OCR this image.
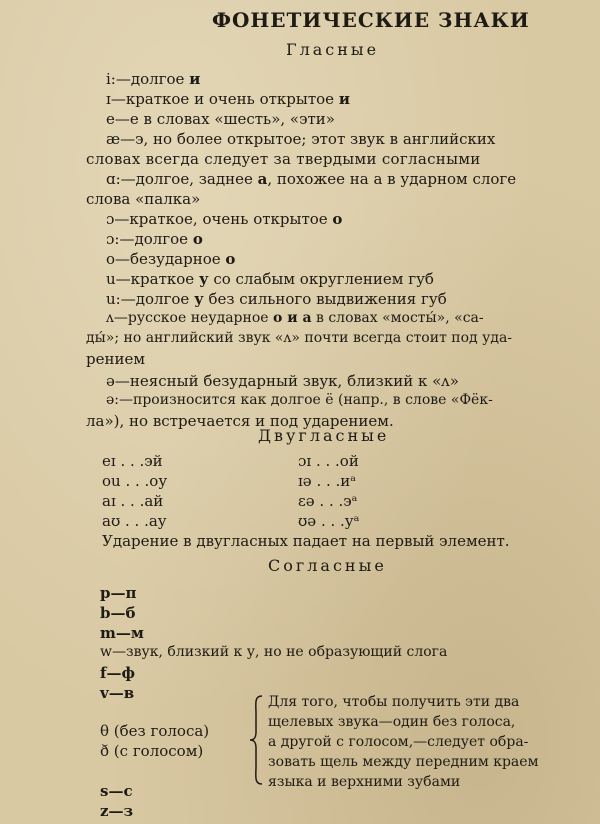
ФОНЕТИЧЕСКИЕ ЗНАКИ
Гласные
i:—долгое и
ɪ—краткое и очень открытое и
e—е в словах «шесть», «эти»
æ—э, но более открытое; этот звук в английских
словах всегда следует за твердыми согласными
ɑ:—долгое, заднее а, похожее на а в ударном слоге
слова «палка»
ɔ—краткое, очень открытое о
ɔ:—долгое о
o—безударное о
u—краткое у со слабым округлением губ
u:—долгое у без сильного выдвижения губ
ʌ—русское неударное о и а в словах «мосты́», «са-
ды́»; но английский звук «ʌ» почти всегда стоит под уда-
рением
ə—неясный безударный звук, близкий к «ʌ»
ə:—произносится как долгое ё (напр., в слове «Фёк-
ла»), но встречается и под ударением.
Двугласные
eɪ . . .эй
ou . . .оу
aɪ . . .ай
aʊ . . .ау
ɔɪ . . .ой
ɪə . . .иᵃ
ɛə . . .эᵃ
ʊə . . .уᵃ
Ударение в двугласных падает на первый элемент.
Согласные
p—п
b—б
m—м
w—звук, близкий к у, но не образующий слога
f—ф
v—в
θ (без голоса)
ð (с голосом)
Для того, чтобы получить эти два
щелевых звука—один без голоса,
а другой с голосом,—следует обра-
зовать щель между передним краем
языка и верхними зубами
s—с
z—з
